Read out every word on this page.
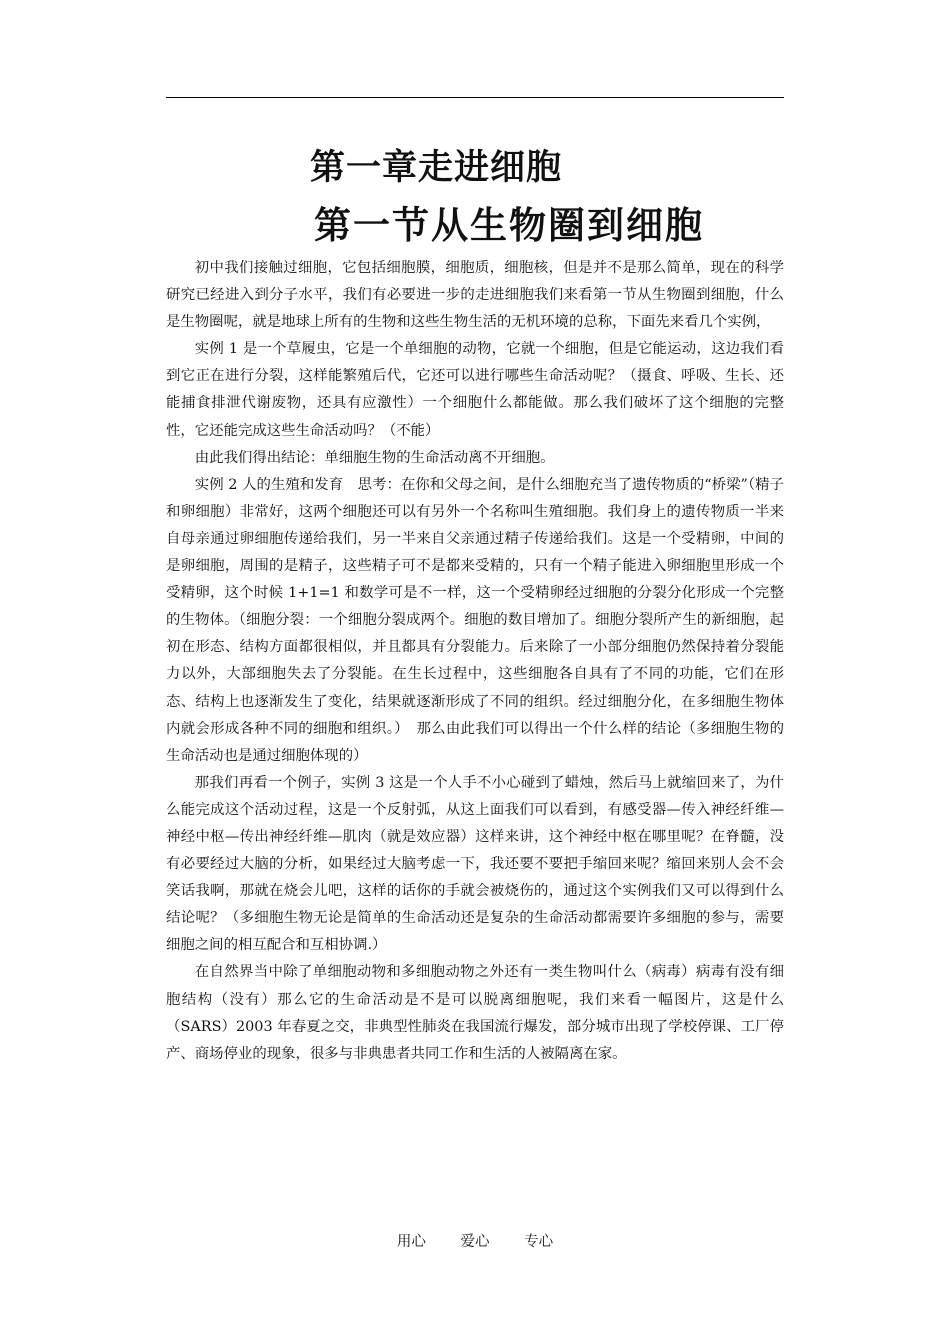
第一章走进细胞
第一节从生物圈到细胞

初中我们接触过细胞，它包括细胞膜，细胞质，细胞核，但是并不是那么简单，现在的科学研究已经进入到分子水平，我们有必要进一步的走进细胞我们来看第一节从生物圈到细胞，什么是生物圈呢，就是地球上所有的生物和这些生物生活的无机环境的总称，下面先来看几个实例，

实例 1 是一个草履虫，它是一个单细胞的动物，它就一个细胞，但是它能运动，这边我们看到它正在进行分裂，这样能繁殖后代，它还可以进行哪些生命活动呢？（摄食、呼吸、生长、还能捕食排泄代谢废物，还具有应激性）一个细胞什么都能做。那么我们破坏了这个细胞的完整性，它还能完成这些生命活动吗？（不能）

由此我们得出结论：单细胞生物的生命活动离不开细胞。

实例 2 人的生殖和发育　思考：在你和父母之间，是什么细胞充当了遗传物质的“桥梁”（精子和卵细胞）非常好，这两个细胞还可以有另外一个名称叫生殖细胞。我们身上的遗传物质一半来自母亲通过卵细胞传递给我们，另一半来自父亲通过精子传递给我们。这是一个受精卵，中间的是卵细胞，周围的是精子，这些精子可不是都来受精的，只有一个精子能进入卵细胞里形成一个受精卵，这个时候 1+1=1 和数学可是不一样，这一个受精卵经过细胞的分裂分化形成一个完整的生物体。（细胞分裂：一个细胞分裂成两个。细胞的数目增加了。细胞分裂所产生的新细胞，起初在形态、结构方面都很相似，并且都具有分裂能力。后来除了一小部分细胞仍然保持着分裂能力以外，大部细胞失去了分裂能。在生长过程中，这些细胞各自具有了不同的功能，它们在形态、结构上也逐渐发生了变化，结果就逐渐形成了不同的组织。经过细胞分化，在多细胞生物体内就会形成各种不同的细胞和组织。）　那么由此我们可以得出一个什么样的结论（多细胞生物的生命活动也是通过细胞体现的）

那我们再看一个例子，实例 3 这是一个人手不小心碰到了蜡烛，然后马上就缩回来了，为什么能完成这个活动过程，这是一个反射弧，从这上面我们可以看到，有感受器—传入神经纤维—神经中枢—传出神经纤维—肌肉（就是效应器）这样来讲，这个神经中枢在哪里呢？在脊髓，没有必要经过大脑的分析，如果经过大脑考虑一下，我还要不要把手缩回来呢？缩回来别人会不会笑话我啊，那就在烧会儿吧，这样的话你的手就会被烧伤的，通过这个实例我们又可以得到什么结论呢？（多细胞生物无论是简单的生命活动还是复杂的生命活动都需要许多细胞的参与，需要细胞之间的相互配合和互相协调.）

在自然界当中除了单细胞动物和多细胞动物之外还有一类生物叫什么（病毒）病毒有没有细胞结构（没有）那么它的生命活动是不是可以脱离细胞呢，我们来看一幅图片，这是什么（SARS）2003 年春夏之交，非典型性肺炎在我国流行爆发，部分城市出现了学校停课、工厂停产、商场停业的现象，很多与非典患者共同工作和生活的人被隔离在家。

用心 爱心 专心
